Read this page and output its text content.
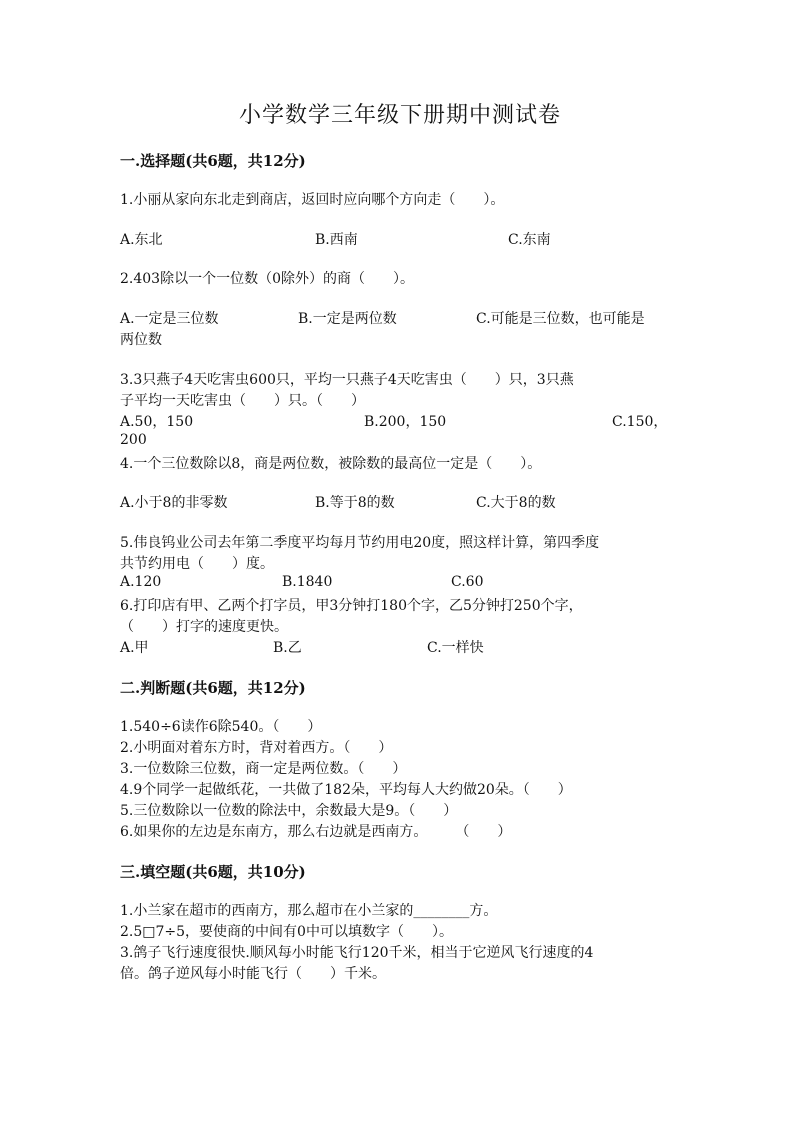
小学数学三年级下册期中测试卷
一.选择题(共6题，共12分)
1.小丽从家向东北走到商店，返回时应向哪个方向走（　　）。
A.东北	B.西南	C.东南
2.403除以一个一位数（0除外）的商（　　）。
A.一定是三位数	B.一定是两位数	C.可能是三位数，也可能是
两位数
3.3只燕子4天吃害虫600只，平均一只燕子4天吃害虫（　　）只，3只燕
子平均一天吃害虫（　　）只。（　　）
A.50，150	B.200，150	C.150，
200
4.一个三位数除以8，商是两位数，被除数的最高位一定是（　　）。
A.小于8的非零数	B.等于8的数	C.大于8的数
5.伟良钨业公司去年第二季度平均每月节约用电20度，照这样计算，第四季度
共节约用电（　　）度。
A.120	B.1840	C.60
6.打印店有甲、乙两个打字员，甲3分钟打180个字，乙5分钟打250个字，
（　　）打字的速度更快。
A.甲	B.乙	C.一样快
二.判断题(共6题，共12分)
1.540÷6读作6除540。（　　）
2.小明面对着东方时，背对着西方。（　　）
3.一位数除三位数，商一定是两位数。（　　）
4.9个同学一起做纸花，一共做了182朵，平均每人大约做20朵。（　　）
5.三位数除以一位数的除法中，余数最大是9。（　　）
6.如果你的左边是东南方，那么右边就是西南方。　　　（　　）
三.填空题(共6题，共10分)
1.小兰家在超市的西南方，那么超市在小兰家的________方。
2.5□7÷5，要使商的中间有0中可以填数字（　　）。
3.鸽子飞行速度很快.顺风每小时能飞行120千米，相当于它逆风飞行速度的4
倍。鸽子逆风每小时能飞行（　　）千米。
